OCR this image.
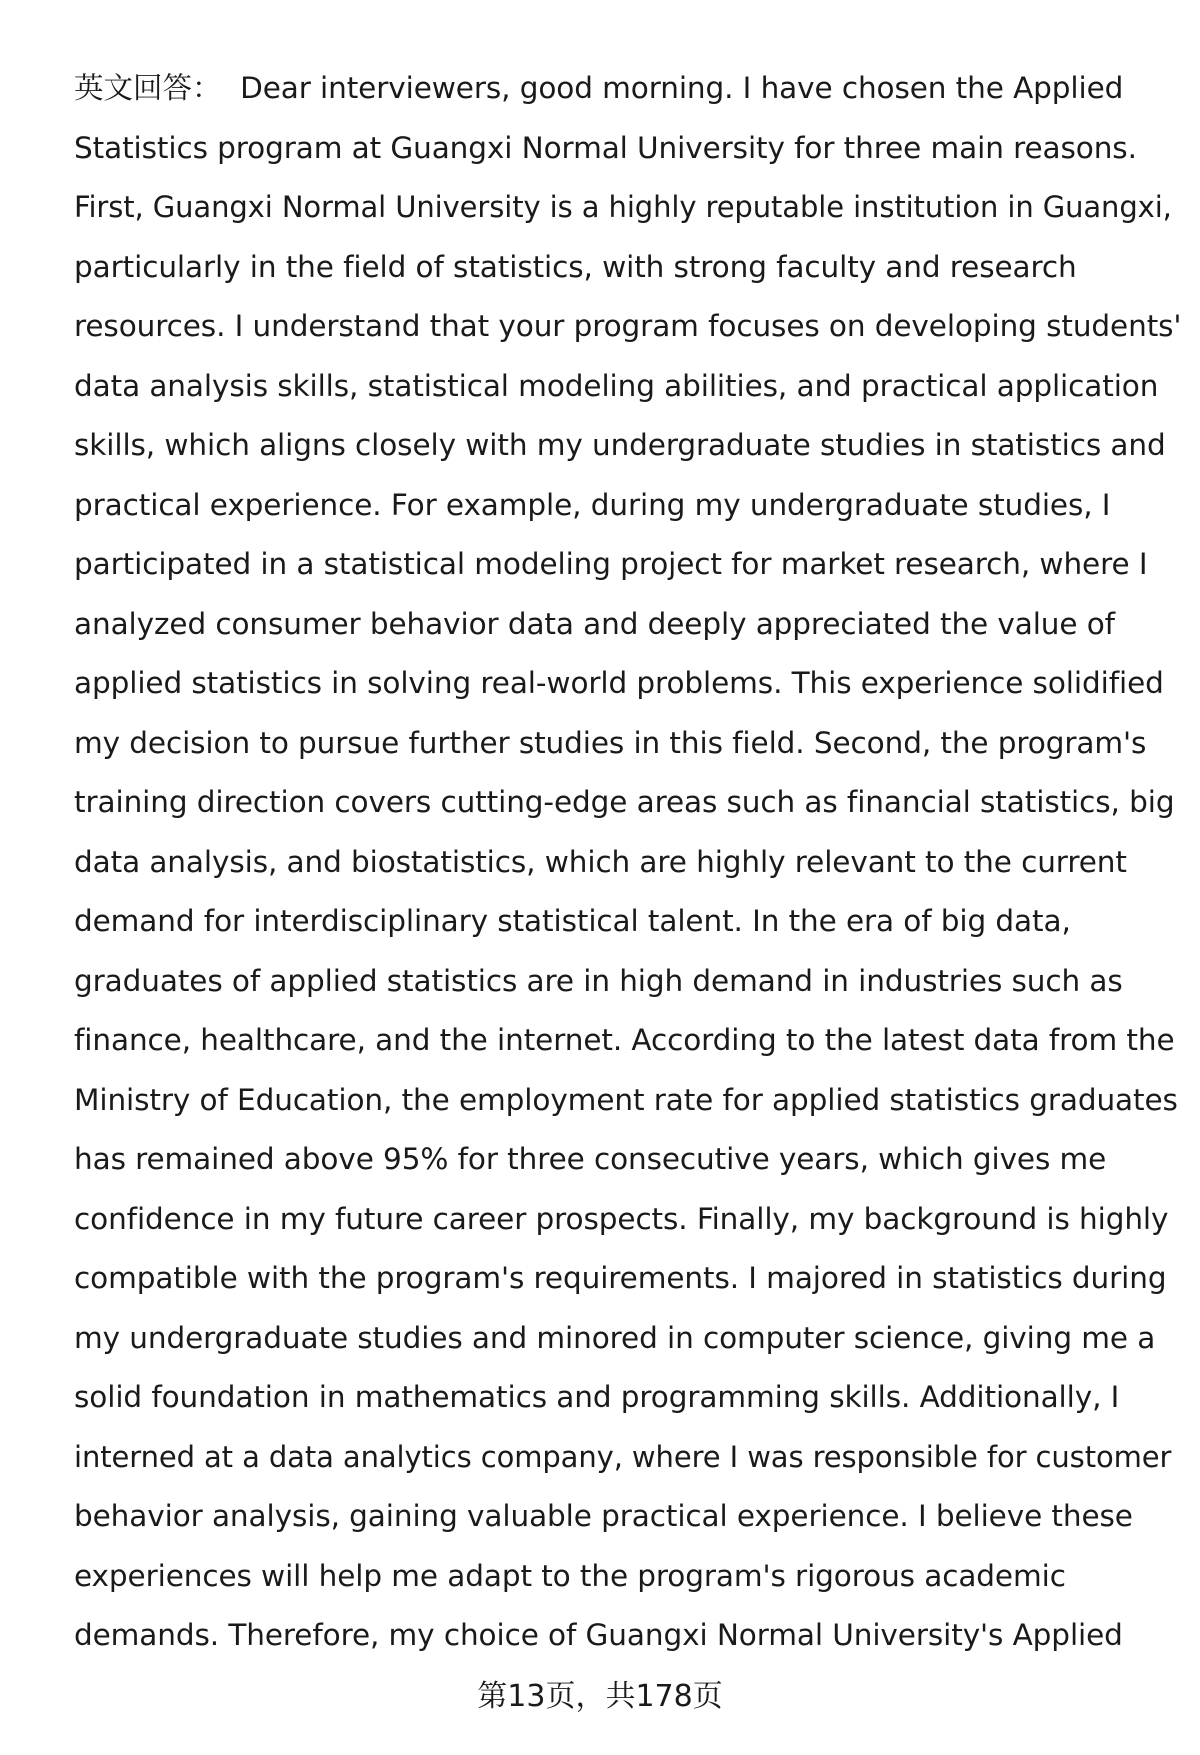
英文回答： Dear interviewers, good morning. I have chosen the Applied
Statistics program at Guangxi Normal University for three main reasons.
First, Guangxi Normal University is a highly reputable institution in Guangxi,
particularly in the field of statistics, with strong faculty and research
resources. I understand that your program focuses on developing students'
data analysis skills, statistical modeling abilities, and practical application
skills, which aligns closely with my undergraduate studies in statistics and
practical experience. For example, during my undergraduate studies, I
participated in a statistical modeling project for market research, where I
analyzed consumer behavior data and deeply appreciated the value of
applied statistics in solving real-world problems. This experience solidified
my decision to pursue further studies in this field. Second, the program's
training direction covers cutting-edge areas such as financial statistics, big
data analysis, and biostatistics, which are highly relevant to the current
demand for interdisciplinary statistical talent. In the era of big data,
graduates of applied statistics are in high demand in industries such as
finance, healthcare, and the internet. According to the latest data from the
Ministry of Education, the employment rate for applied statistics graduates
has remained above 95% for three consecutive years, which gives me
confidence in my future career prospects. Finally, my background is highly
compatible with the program's requirements. I majored in statistics during
my undergraduate studies and minored in computer science, giving me a
solid foundation in mathematics and programming skills. Additionally, I
interned at a data analytics company, where I was responsible for customer
behavior analysis, gaining valuable practical experience. I believe these
experiences will help me adapt to the program's rigorous academic
demands. Therefore, my choice of Guangxi Normal University's Applied
第13页，共178页
